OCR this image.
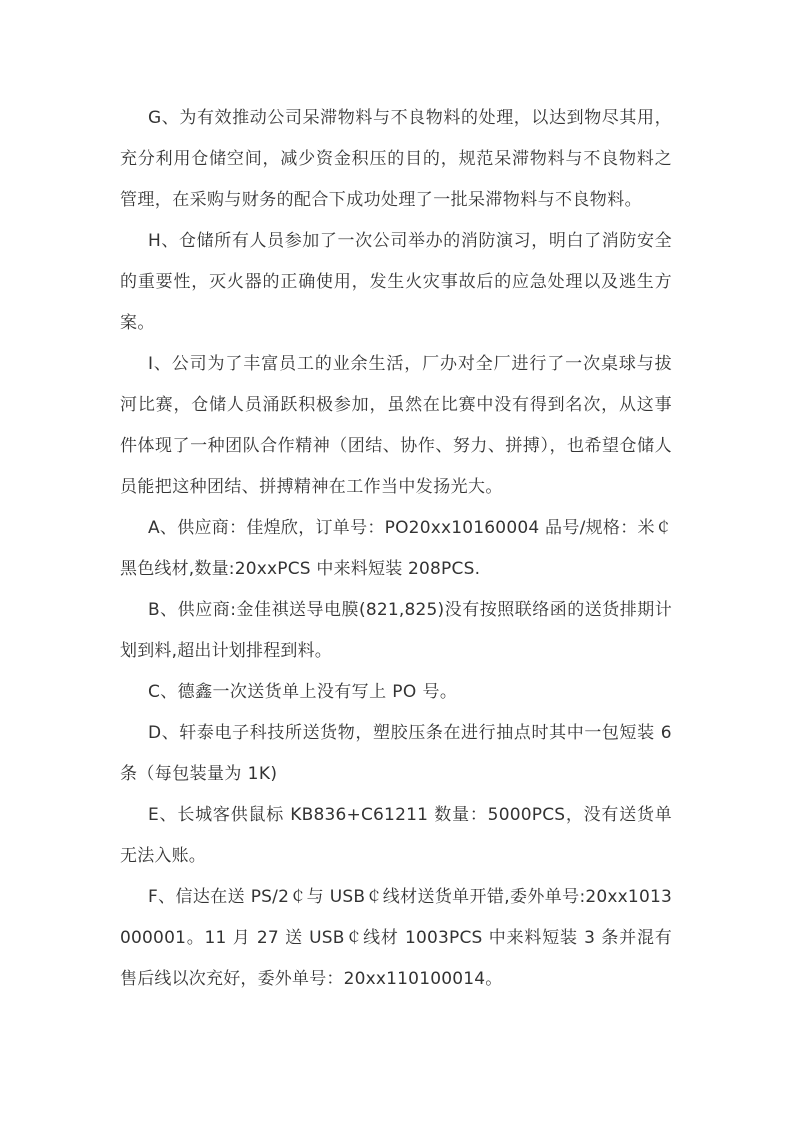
G、为有效推动公司呆滞物料与不良物料的处理，以达到物尽其用，充分利用仓储空间，减少资金积压的目的，规范呆滞物料与不良物料之管理，在采购与财务的配合下成功处理了一批呆滞物料与不良物料。

H、仓储所有人员参加了一次公司举办的消防演习，明白了消防安全的重要性，灭火器的正确使用，发生火灾事故后的应急处理以及逃生方案。

I、公司为了丰富员工的业余生活，厂办对全厂进行了一次桌球与拔河比赛，仓储人员涌跃积极参加，虽然在比赛中没有得到名次，从这事件体现了一种团队合作精神（团结、协作、努力、拼搏），也希望仓储人员能把这种团结、拼搏精神在工作当中发扬光大。

A、供应商：佳煌欣，订单号：PO20xx10160004 品号/规格：米￠黑色线材,数量:20xxPCS 中来料短装 208PCS.

B、供应商:金佳祺送导电膜(821,825)没有按照联络函的送货排期计划到料,超出计划排程到料。

C、德鑫一次送货单上没有写上 PO 号。

D、轩泰电子科技所送货物，塑胶压条在进行抽点时其中一包短装 6 条（每包装量为 1K)

E、长城客供鼠标 KB836+C61211 数量：5000PCS，没有送货单无法入账。

F、信达在送 PS/2￠与 USB￠线材送货单开错,委外单号:20xx1013000001。11 月 27 送 USB￠线材 1003PCS 中来料短装 3 条并混有售后线以次充好，委外单号：20xx110100014。
